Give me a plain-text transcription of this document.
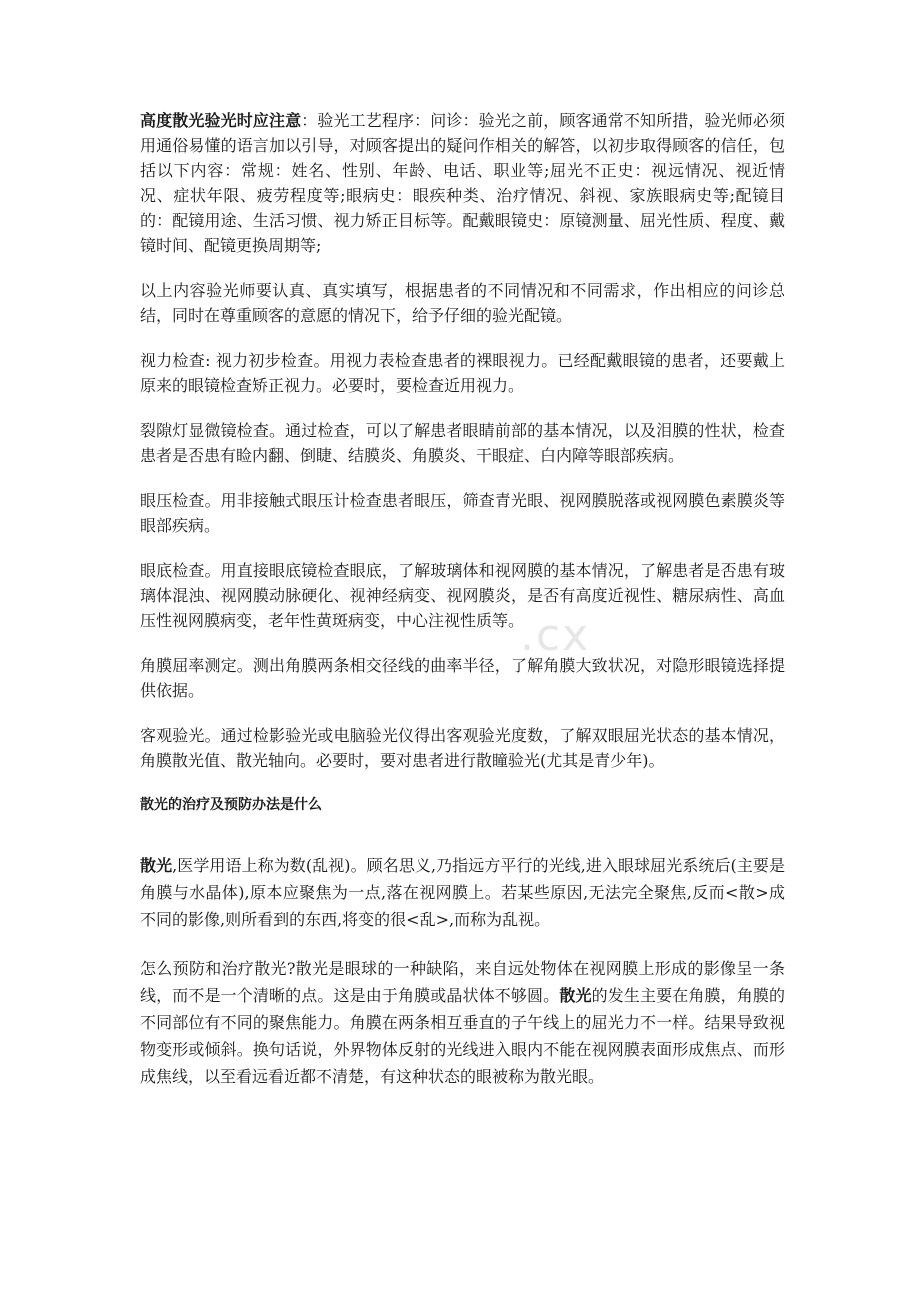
高度散光验光时应注意：验光工艺程序：问诊：验光之前，顾客通常不知所措，验光师必须用通俗易懂的语言加以引导，对顾客提出的疑问作相关的解答，以初步取得顾客的信任，包括以下内容：常规：姓名、性别、年龄、电话、职业等;屈光不正史：视远情况、视近情况、症状年限、疲劳程度等;眼病史：眼疾种类、治疗情况、斜视、家族眼病史等;配镜目的：配镜用途、生活习惯、视力矫正目标等。配戴眼镜史：原镜测量、屈光性质、程度、戴镜时间、配镜更换周期等;

以上内容验光师要认真、真实填写，根据患者的不同情况和不同需求，作出相应的问诊总结，同时在尊重顾客的意愿的情况下，给予仔细的验光配镜。

视力检查: 视力初步检查。用视力表检查患者的裸眼视力。已经配戴眼镜的患者，还要戴上原来的眼镜检查矫正视力。必要时，要检查近用视力。

裂隙灯显微镜检查。通过检查，可以了解患者眼睛前部的基本情况，以及泪膜的性状，检查患者是否患有睑内翻、倒睫、结膜炎、角膜炎、干眼症、白内障等眼部疾病。

眼压检查。用非接触式眼压计检查患者眼压，筛查青光眼、视网膜脱落或视网膜色素膜炎等眼部疾病。

眼底检查。用直接眼底镜检查眼底，了解玻璃体和视网膜的基本情况，了解患者是否患有玻璃体混浊、视网膜动脉硬化、视神经病变、视网膜炎，是否有高度近视性、糖尿病性、高血压性视网膜病变，老年性黄斑病变，中心注视性质等。

角膜屈率测定。测出角膜两条相交径线的曲率半径，了解角膜大致状况，对隐形眼镜选择提供依据。

客观验光。通过检影验光或电脑验光仪得出客观验光度数，了解双眼屈光状态的基本情况，角膜散光值、散光轴向。必要时，要对患者进行散瞳验光(尤其是青少年)。

散光的治疗及预防办法是什么

散光,医学用语上称为数(乱视)。顾名思义,乃指远方平行的光线,进入眼球屈光系统后(主要是角膜与水晶体),原本应聚焦为一点,落在视网膜上。若某些原因,无法完全聚焦,反而<散>成不同的影像,则所看到的东西,将变的很<乱>,而称为乱视。

怎么预防和治疗散光?散光是眼球的一种缺陷，来自远处物体在视网膜上形成的影像呈一条线，而不是一个清晰的点。这是由于角膜或晶状体不够圆。散光的发生主要在角膜，角膜的不同部位有不同的聚焦能力。角膜在两条相互垂直的子午线上的屈光力不一样。结果导致视物变形或倾斜。换句话说，外界物体反射的光线进入眼内不能在视网膜表面形成焦点、而形成焦线，以至看远看近都不清楚，有这种状态的眼被称为散光眼。

.cx
